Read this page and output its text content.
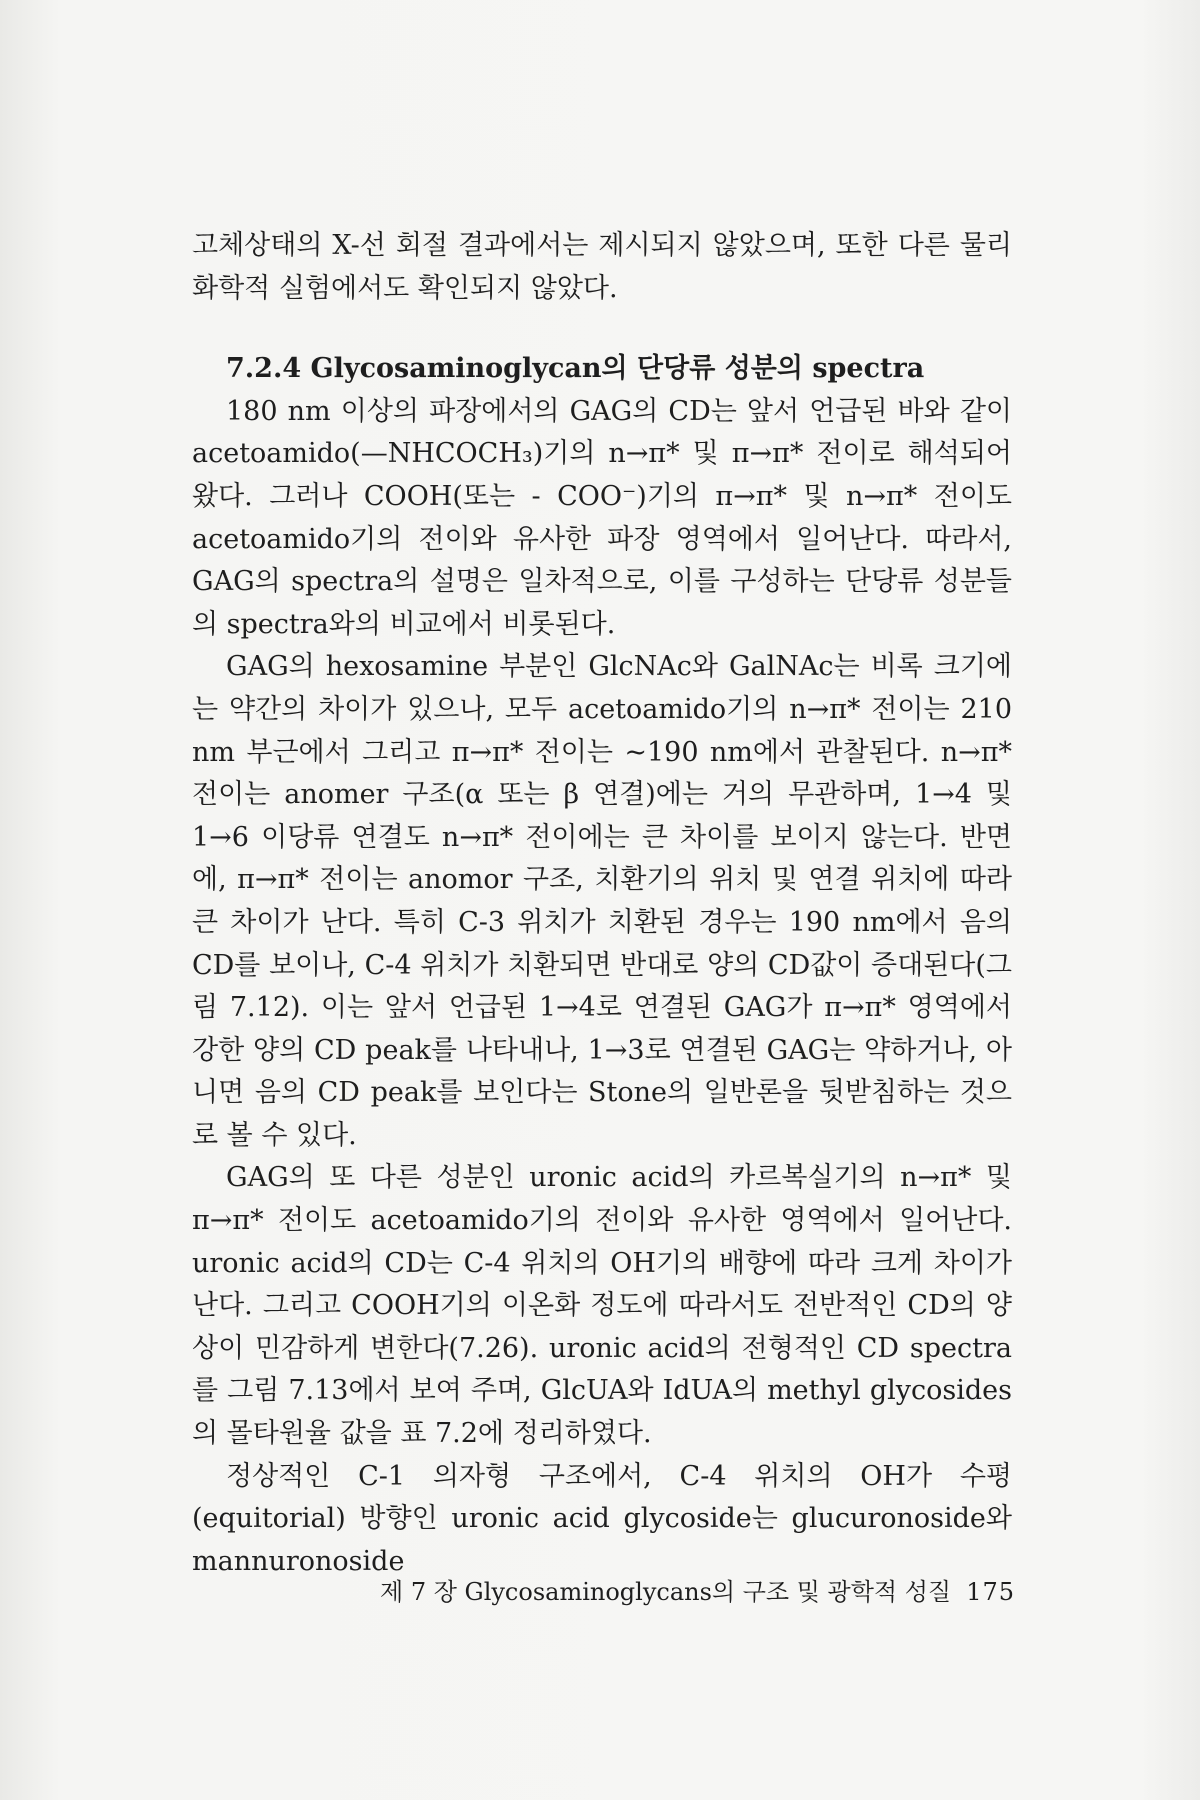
고체상태의 X-선 회절 결과에서는 제시되지 않았으며, 또한 다른 물리화학적 실험에서도 확인되지 않았다.

7.2.4 Glycosaminoglycan의 단당류 성분의 spectra

180 nm 이상의 파장에서의 GAG의 CD는 앞서 언급된 바와 같이 acetoamido(—NHCOCH₃)기의 n→π* 및 π→π* 전이로 해석되어 왔다. 그러나 COOH(또는 - COO⁻)기의 π→π* 및 n→π* 전이도 acetoamido기의 전이와 유사한 파장 영역에서 일어난다. 따라서, GAG의 spectra의 설명은 일차적으로, 이를 구성하는 단당류 성분들의 spectra와의 비교에서 비롯된다.

GAG의 hexosamine 부분인 GlcNAc와 GalNAc는 비록 크기에는 약간의 차이가 있으나, 모두 acetoamido기의 n→π* 전이는 210 nm 부근에서 그리고 π→π* 전이는 ~190 nm에서 관찰된다. n→π* 전이는 anomer 구조(α 또는 β 연결)에는 거의 무관하며, 1→4 및 1→6 이당류 연결도 n→π* 전이에는 큰 차이를 보이지 않는다. 반면에, π→π* 전이는 anomor 구조, 치환기의 위치 및 연결 위치에 따라 큰 차이가 난다. 특히 C-3 위치가 치환된 경우는 190 nm에서 음의 CD를 보이나, C-4 위치가 치환되면 반대로 양의 CD값이 증대된다(그림 7.12). 이는 앞서 언급된 1→4로 연결된 GAG가 π→π* 영역에서 강한 양의 CD peak를 나타내나, 1→3로 연결된 GAG는 약하거나, 아니면 음의 CD peak를 보인다는 Stone의 일반론을 뒷받침하는 것으로 볼 수 있다.

GAG의 또 다른 성분인 uronic acid의 카르복실기의 n→π* 및 π→π* 전이도 acetoamido기의 전이와 유사한 영역에서 일어난다. uronic acid의 CD는 C-4 위치의 OH기의 배향에 따라 크게 차이가 난다. 그리고 COOH기의 이온화 정도에 따라서도 전반적인 CD의 양상이 민감하게 변한다(7.26). uronic acid의 전형적인 CD spectra를 그림 7.13에서 보여 주며, GlcUA와 IdUA의 methyl glycosides의 몰타원율 값을 표 7.2에 정리하였다.

정상적인 C-1 의자형 구조에서, C-4 위치의 OH가 수평(equitorial) 방향인 uronic acid glycoside는 glucuronoside와 mannuronoside

제 7 장 Glycosaminoglycans의 구조 및 광학적 성질 175
